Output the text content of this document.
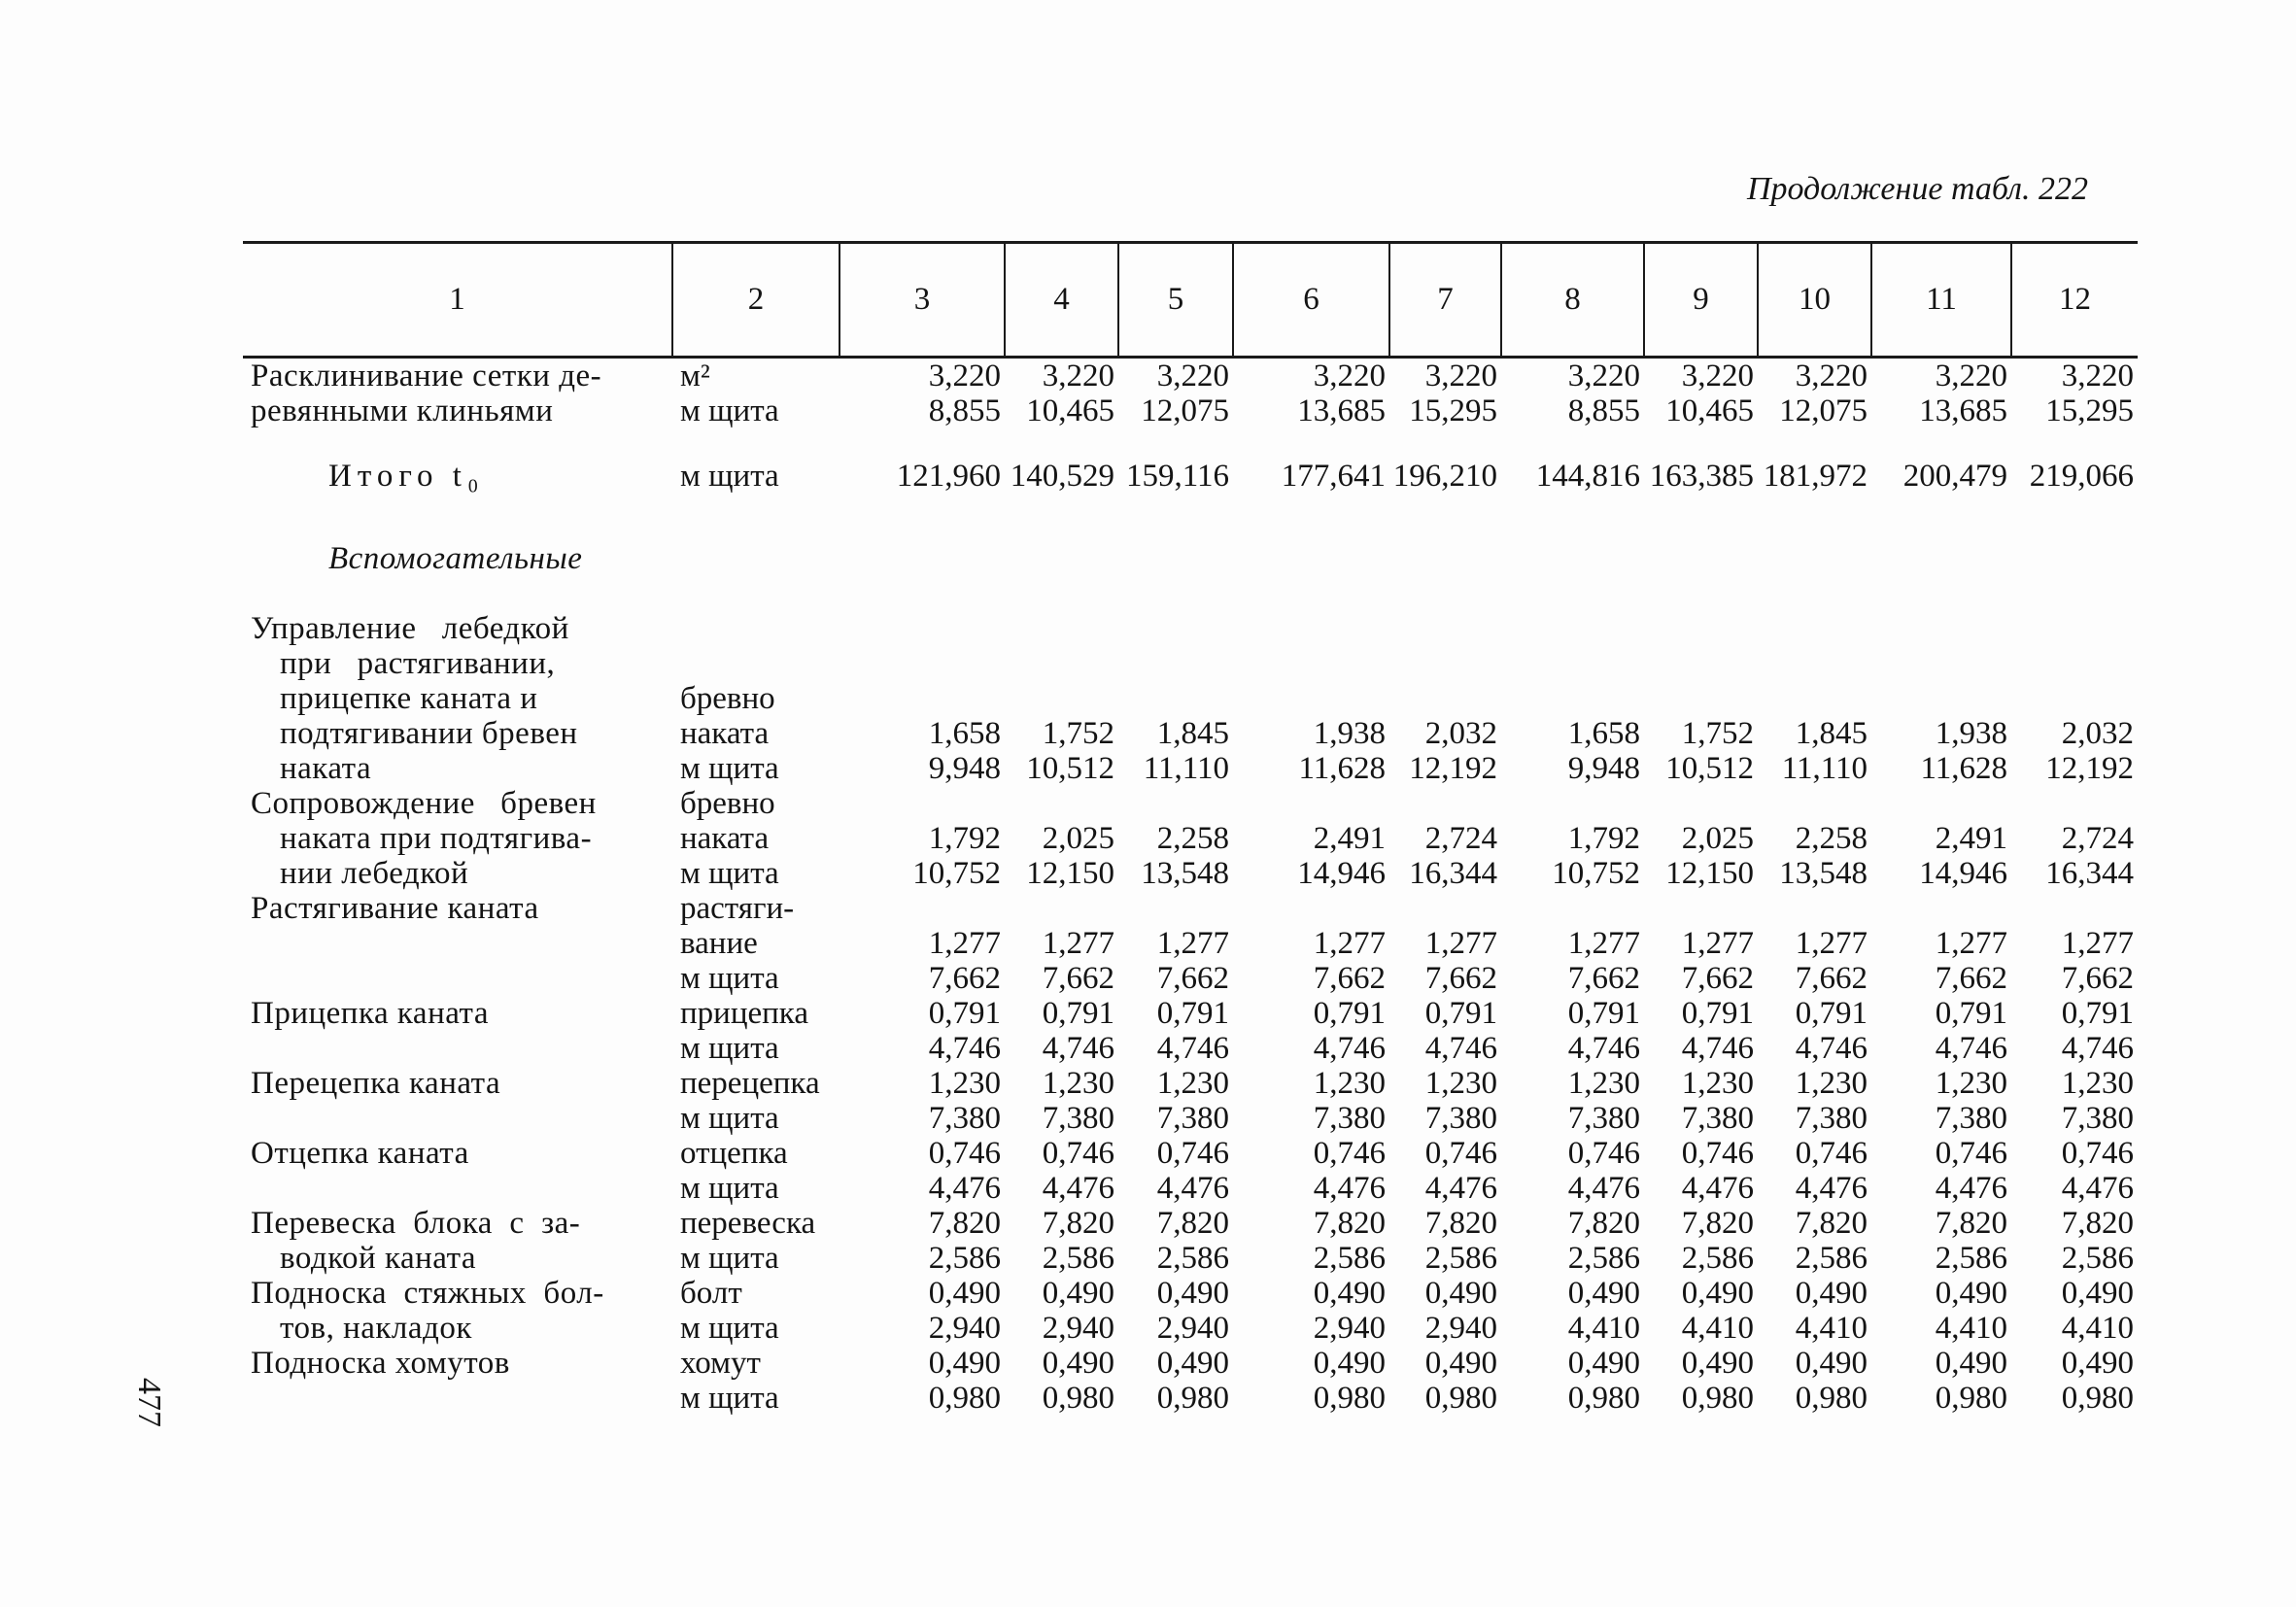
Продолжение табл. 222
477
1	2	3	4	5	6	7	8	9	10	11	12
Расклинивание сетки де-	м²	3,220	3,220	3,220	3,220	3,220	3,220	3,220	3,220	3,220	3,220
ревянными клиньями	м щита	8,855	10,465	12,075	13,685	15,295	8,855	10,465	12,075	13,685	15,295

Итого t₀	м щита	121,960	140,529	159,116	177,641	196,210	144,816	163,385	181,972	200,479	219,066
Вспомогательные											
Управление   лебедкой											
при   растягивании,											
прицепке каната и	бревно										
подтягивании бревен	наката	1,658	1,752	1,845	1,938	2,032	1,658	1,752	1,845	1,938	2,032
наката	м щита	9,948	10,512	11,110	11,628	12,192	9,948	10,512	11,110	11,628	12,192
Сопровождение   бревен	бревно										
наката при подтягива-	наката	1,792	2,025	2,258	2,491	2,724	1,792	2,025	2,258	2,491	2,724
нии лебедкой	м щита	10,752	12,150	13,548	14,946	16,344	10,752	12,150	13,548	14,946	16,344
Растягивание каната	растяги-										
	вание	1,277	1,277	1,277	1,277	1,277	1,277	1,277	1,277	1,277	1,277
	м щита	7,662	7,662	7,662	7,662	7,662	7,662	7,662	7,662	7,662	7,662
Прицепка каната	прицепка	0,791	0,791	0,791	0,791	0,791	0,791	0,791	0,791	0,791	0,791
	м щита	4,746	4,746	4,746	4,746	4,746	4,746	4,746	4,746	4,746	4,746
Перецепка каната	перецепка	1,230	1,230	1,230	1,230	1,230	1,230	1,230	1,230	1,230	1,230
	м щита	7,380	7,380	7,380	7,380	7,380	7,380	7,380	7,380	7,380	7,380
Отцепка каната	отцепка	0,746	0,746	0,746	0,746	0,746	0,746	0,746	0,746	0,746	0,746
	м щита	4,476	4,476	4,476	4,476	4,476	4,476	4,476	4,476	4,476	4,476
Перевеска  блока  с  за-	перевеска	7,820	7,820	7,820	7,820	7,820	7,820	7,820	7,820	7,820	7,820
водкой каната	м щита	2,586	2,586	2,586	2,586	2,586	2,586	2,586	2,586	2,586	2,586
Подноска  стяжных  бол-	болт	0,490	0,490	0,490	0,490	0,490	0,490	0,490	0,490	0,490	0,490
тов, накладок	м щита	2,940	2,940	2,940	2,940	2,940	4,410	4,410	4,410	4,410	4,410
Подноска хомутов	хомут	0,490	0,490	0,490	0,490	0,490	0,490	0,490	0,490	0,490	0,490
	м щита	0,980	0,980	0,980	0,980	0,980	0,980	0,980	0,980	0,980	0,980
